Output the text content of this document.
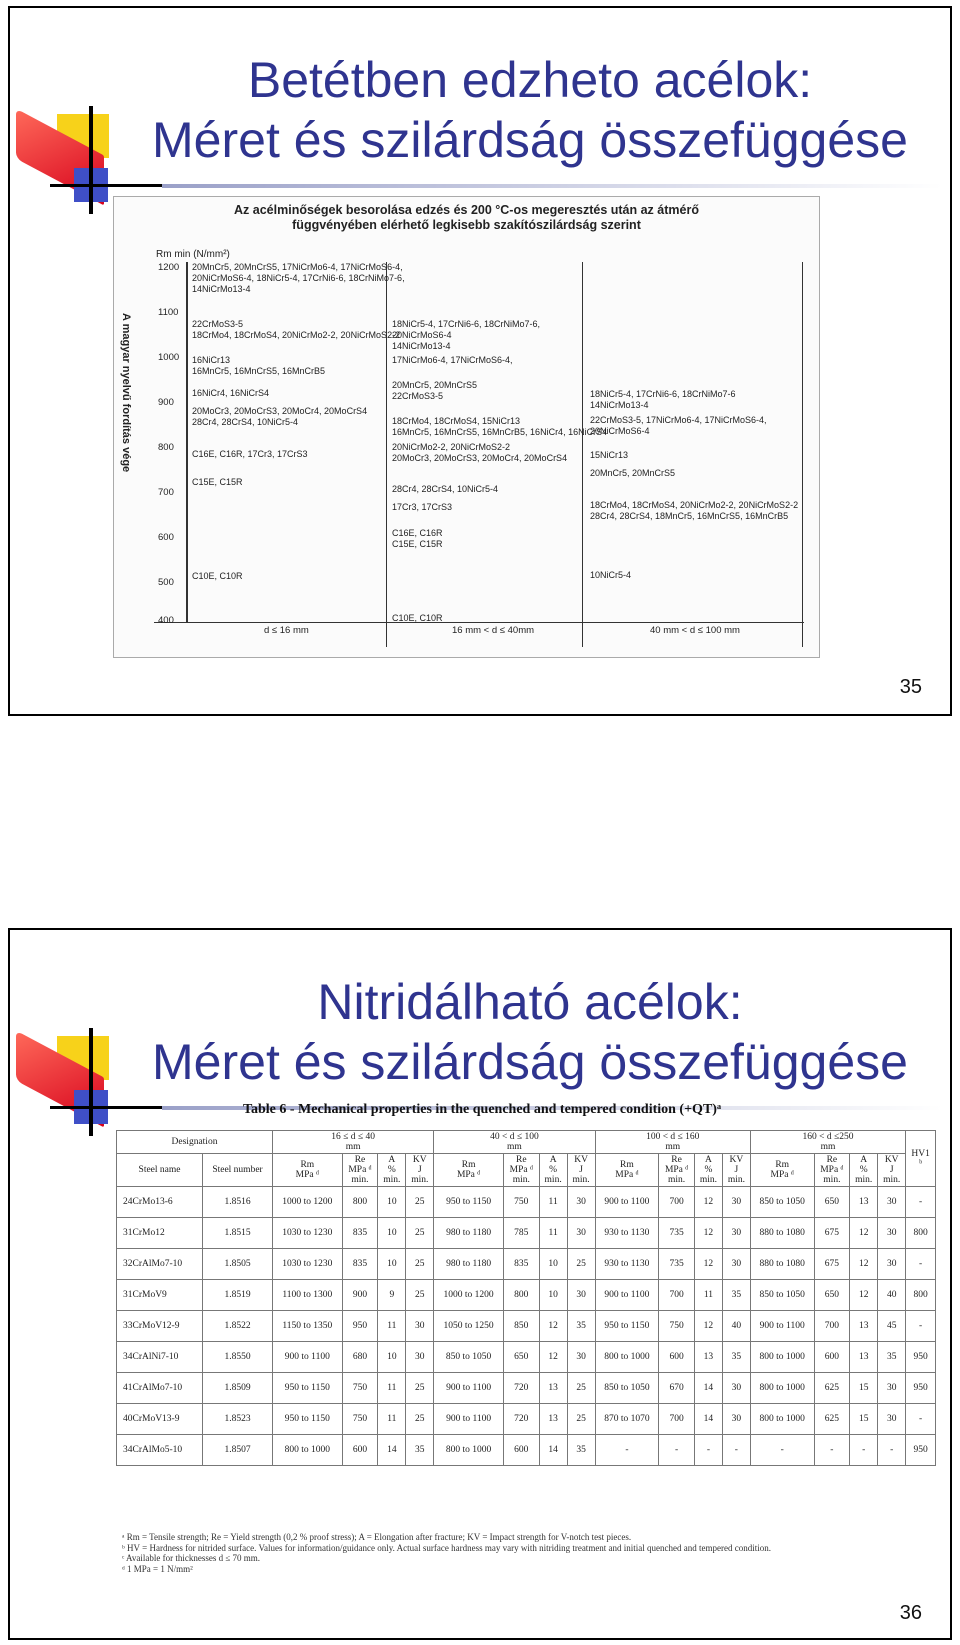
Betétben edzheto acélok:
Méret és szilárdság összefüggése
Az acélminőségek besorolása edzés és 200 °C-os megeresztés után az átmérő
függvényében elérhető legkisebb szakítószilárdság szerint
A magyar nyelvű fordítás vége
Rm min (N/mm²)
1200
1100
1000
900
800
700
600
500
400
20MnCr5, 20MnCrS5, 17NiCrMo6-4, 17NiCrMoS6-4,
20NiCrMoS6-4, 18NiCr5-4, 17CrNi6-6, 18CrNiMo7-6,
14NiCrMo13-4
22CrMoS3-5
18CrMo4, 18CrMoS4, 20NiCrMo2-2, 20NiCrMoS2-2
16NiCr13
16MnCr5, 16MnCrS5, 16MnCrB5
16NiCr4, 16NiCrS4
20MoCr3, 20MoCrS3, 20MoCr4, 20MoCrS4
28Cr4, 28CrS4, 10NiCr5-4
C16E, C16R, 17Cr3, 17CrS3
C15E, C15R
C10E, C10R
18NiCr5-4, 17CrNi6-6, 18CrNiMo7-6,
20NiCrMoS6-4
14NiCrMo13-4
17NiCrMo6-4, 17NiCrMoS6-4,
20MnCr5, 20MnCrS5
22CrMoS3-5
18CrMo4, 18CrMoS4, 15NiCr13
16MnCr5, 16MnCrS5, 16MnCrB5, 16NiCr4, 16NiCrS4
20NiCrMo2-2, 20NiCrMoS2-2
20MoCr3, 20MoCrS3, 20MoCr4, 20MoCrS4
28Cr4, 28CrS4, 10NiCr5-4
17Cr3, 17CrS3
C16E, C16R
C15E, C15R
C10E, C10R
18NiCr5-4, 17CrNi6-6, 18CrNiMo7-6
14NiCrMo13-4
22CrMoS3-5, 17NiCrMo6-4, 17NiCrMoS6-4,
20NiCrMoS6-4
15NiCr13
20MnCr5, 20MnCrS5
18CrMo4, 18CrMoS4, 20NiCrMo2-2, 20NiCrMoS2-2
28Cr4, 28CrS4, 18MnCr5, 16MnCrS5, 16MnCrB5
10NiCr5-4
d ≤ 16 mm	16 mm < d ≤ 40mm	40 mm < d ≤ 100 mm
35
Nitridálható acélok:
Méret és szilárdság összefüggése
Table 6 - Mechanical properties in the quenched and tempered condition (+QT)ᵃ
Designation		16 ≤ d ≤ 40
mm				40 < d ≤ 100
mm				100 < d ≤ 160
mm				160 < d ≤250
mm				HV1
ᵇ
Steel name	Steel number	Rm
MPa ᵈ	Re
MPa ᵈ
min.	A
%
min.	KV
J
min.	Rm
MPa ᵈ	Re
MPa ᵈ
min.	A
%
min.	KV
J
min.	Rm
MPa ᵈ	Re
MPa ᵈ
min.	A
%
min.	KV
J
min.	Rm
MPa ᵈ	Re
MPa ᵈ
min.	A
%
min.	KV
J
min.	
24CrMo13-6	1.8516	1000 to 1200	800	10	25	950 to 1150	750	11	30	900 to 1100	700	12	30	850 to 1050	650	13	30	-
31CrMo12	1.8515	1030 to 1230	835	10	25	980 to 1180	785	11	30	930 to 1130	735	12	30	880 to 1080	675	12	30	800
32CrAlMo7-10	1.8505	1030 to 1230	835	10	25	980 to 1180	835	10	25	930 to 1130	735	12	30	880 to 1080	675	12	30	-
31CrMoV9	1.8519	1100 to 1300	900	9	25	1000 to 1200	800	10	30	900 to 1100	700	11	35	850 to 1050	650	12	40	800
33CrMoV12-9	1.8522	1150 to 1350	950	11	30	1050 to 1250	850	12	35	950 to 1150	750	12	40	900 to 1100	700	13	45	-
34CrAlNi7-10	1.8550	900 to 1100	680	10	30	850 to 1050	650	12	30	800 to 1000	600	13	35	800 to 1000	600	13	35	950
41CrAlMo7-10	1.8509	950 to 1150	750	11	25	900 to 1100	720	13	25	850 to 1050	670	14	30	800 to 1000	625	15	30	950
40CrMoV13-9	1.8523	950 to 1150	750	11	25	900 to 1100	720	13	25	870 to 1070	700	14	30	800 to 1000	625	15	30	-
34CrAlMo5-10	1.8507	800 to 1000	600	14	35	800 to 1000	600	14	35	-	-	-	-	-	-	-	-	950
ᵃ Rm = Tensile strength; Re = Yield strength (0,2 % proof stress); A = Elongation after fracture; KV = Impact strength for V-notch test pieces.
ᵇ HV = Hardness for nitrided surface. Values for information/guidance only. Actual surface hardness may vary with nitriding treatment and initial quenched and tempered condition.
ᶜ Available for thicknesses d ≤ 70 mm.
ᵈ 1 MPa = 1 N/mm²
36
